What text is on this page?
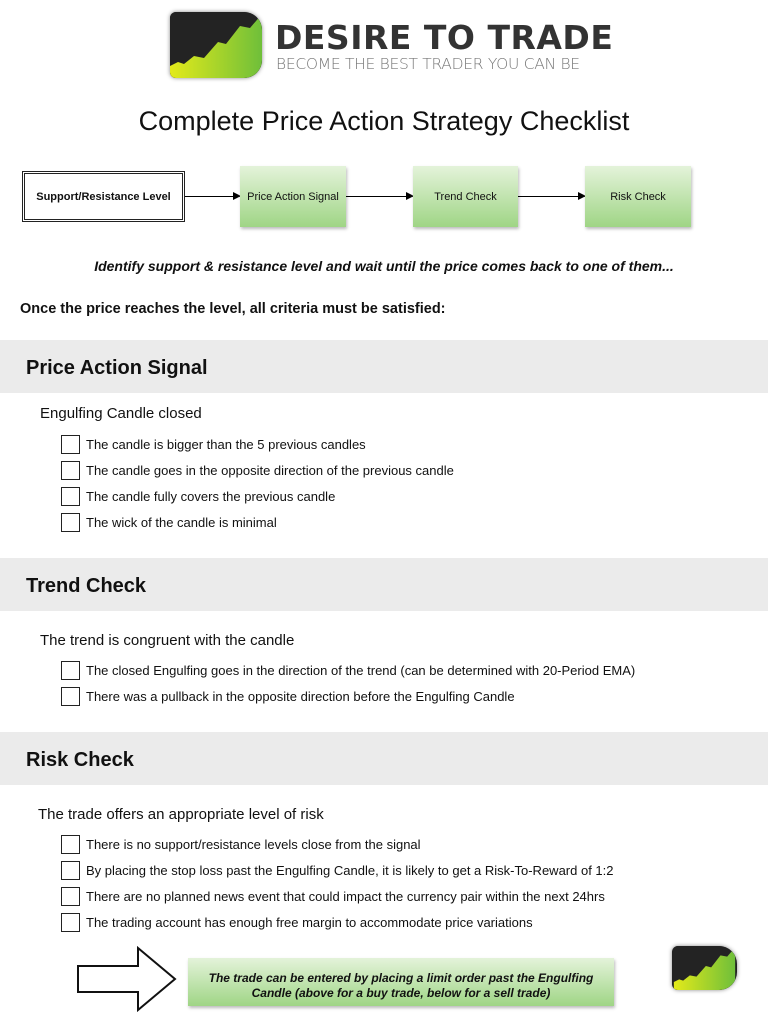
DESIRE TO TRADE
BECOME THE BEST TRADER YOU CAN BE
Complete Price Action Strategy Checklist
Support/Resistance Level	Price Action Signal	Trend Check	Risk Check
Identify support & resistance level and wait until the price comes back to one of them...
Once the price reaches the level, all criteria must be satisfied:
Price Action Signal
Engulfing Candle closed
The candle is bigger than the 5 previous candles
The candle goes in the opposite direction of the previous candle
The candle fully covers the previous candle
The wick of the candle is minimal
Trend Check
The trend is congruent with the candle
The closed Engulfing goes in the direction of the trend (can be determined with 20-Period EMA)
There was a pullback in the opposite direction before the Engulfing Candle
Risk Check
The trade offers an appropriate level of risk
There is no support/resistance levels close from the signal
By placing the stop loss past the Engulfing Candle, it is likely to get a Risk-To-Reward of 1:2
There are no planned news event that could impact the currency pair within the next 24hrs
The trading account has enough free margin to accommodate price variations
The trade can be entered by placing a limit order past the Engulfing Candle (above for a buy trade, below for a sell trade)
